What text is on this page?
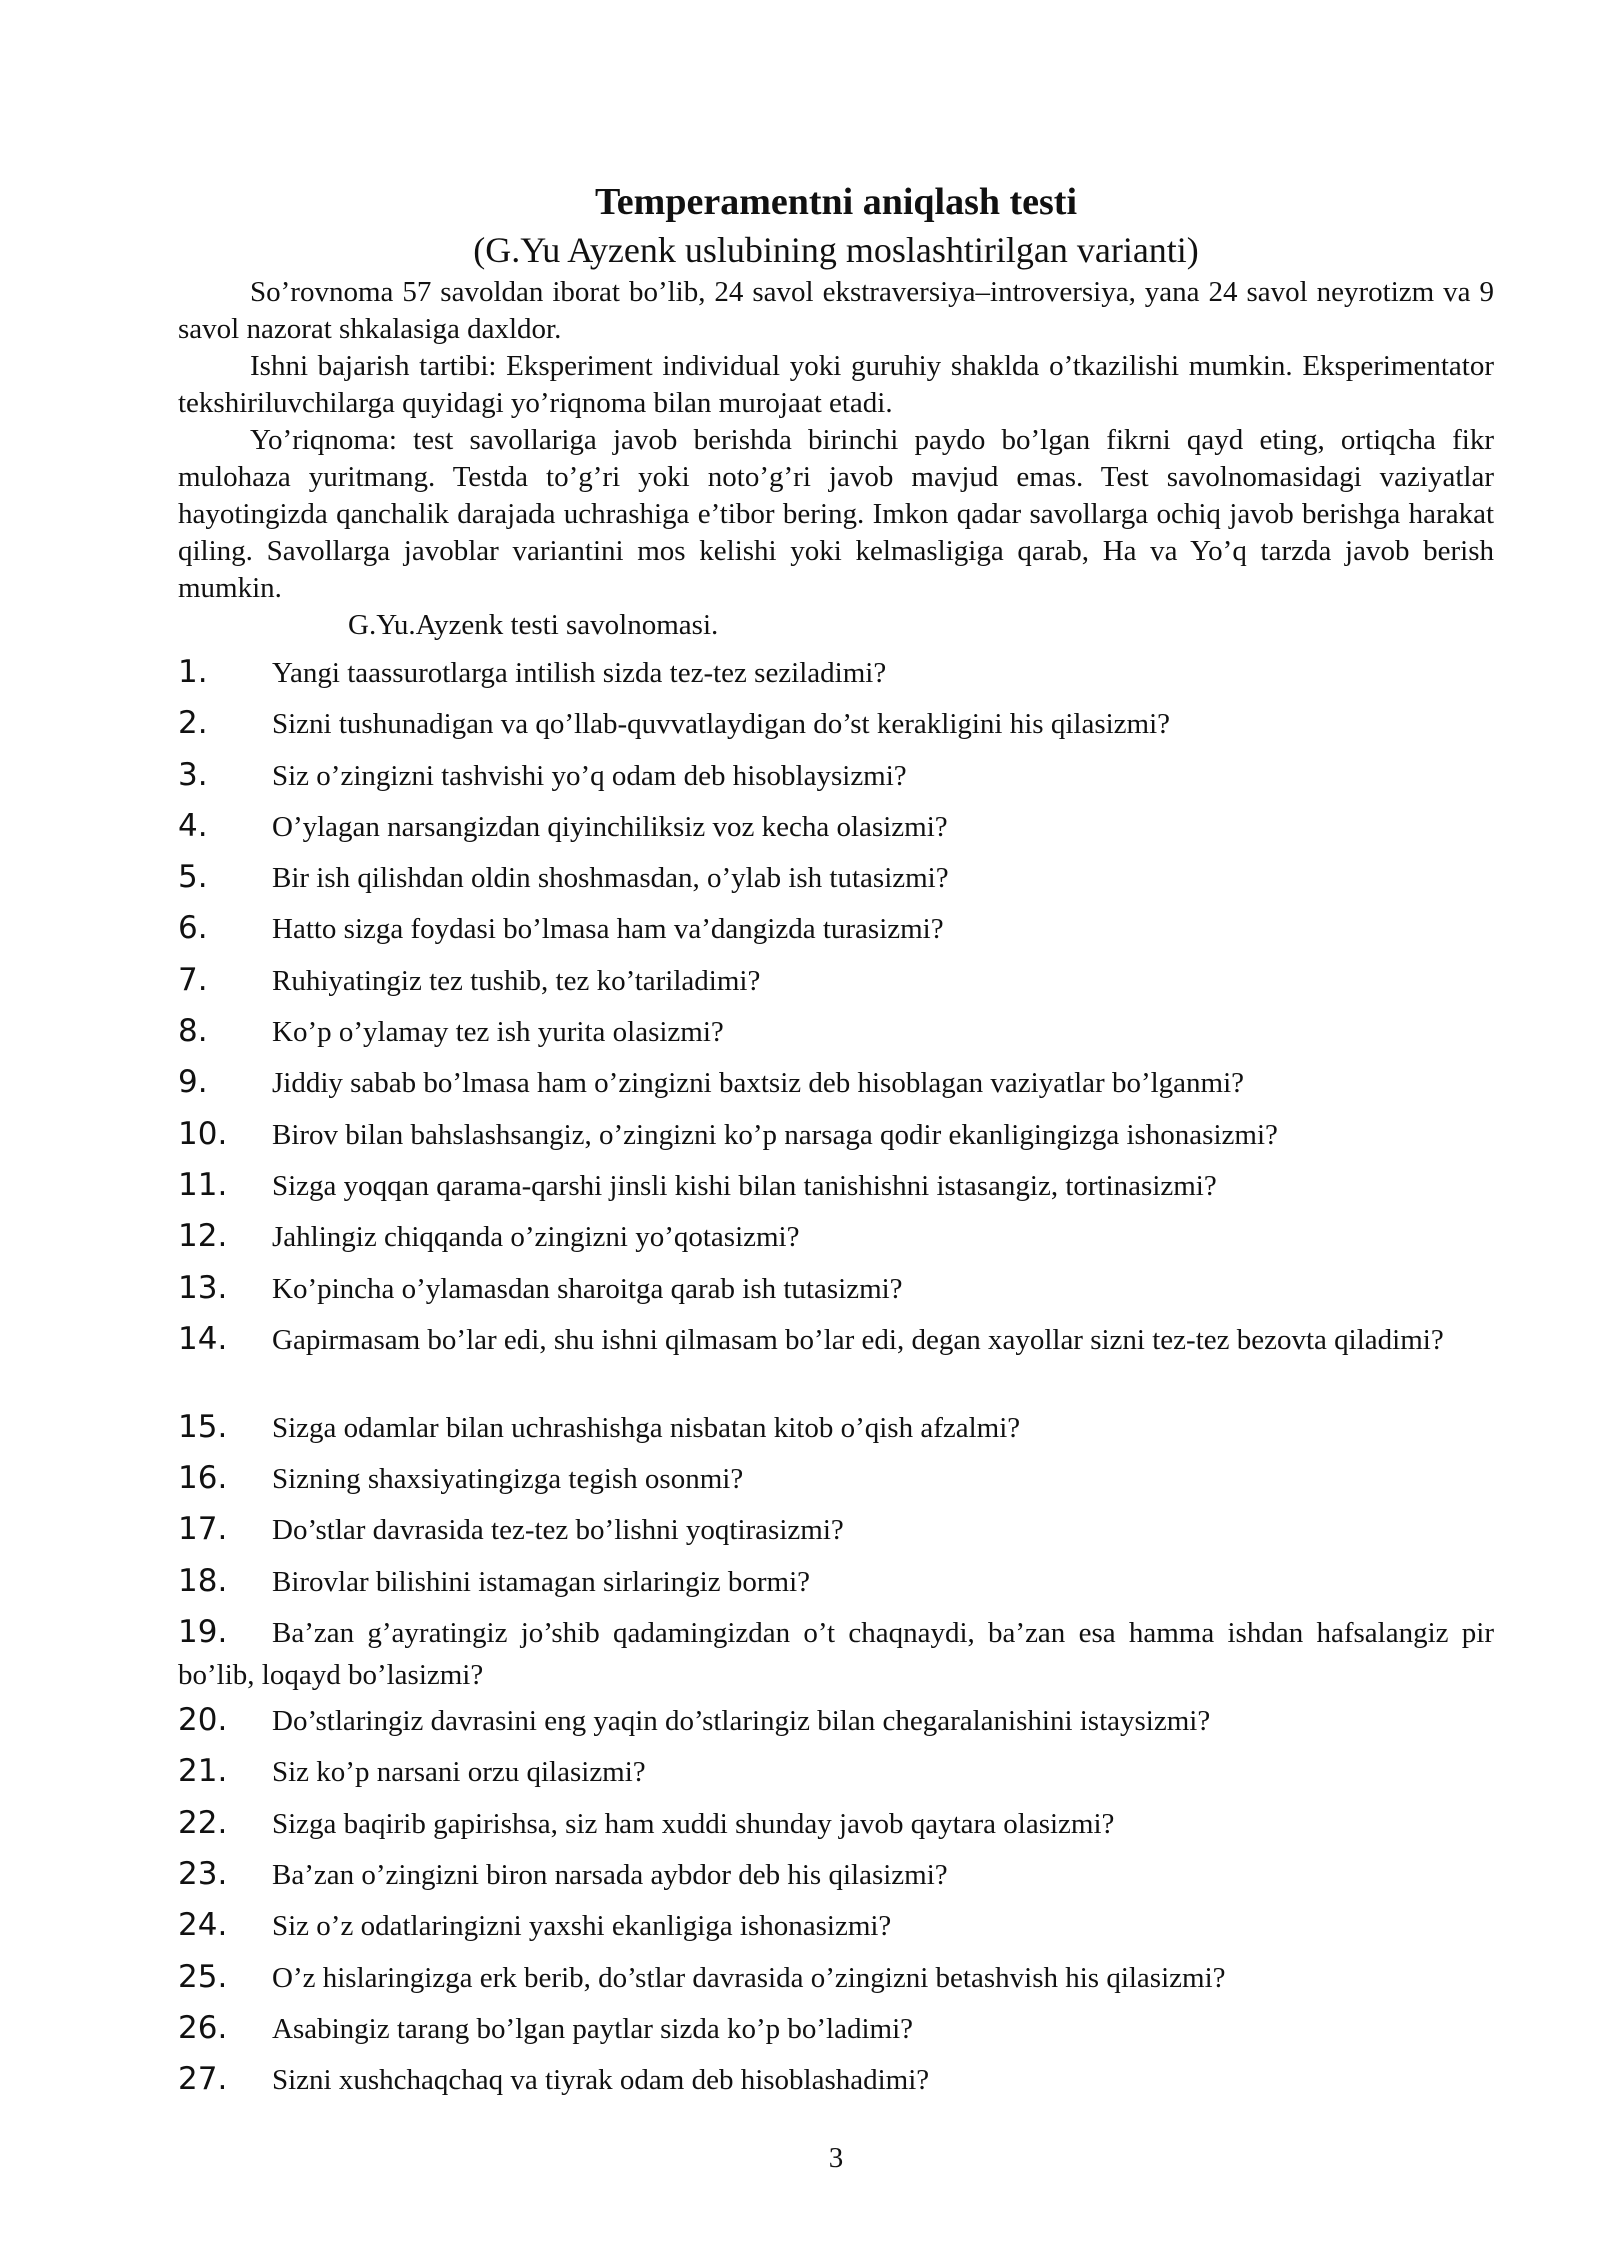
Temperamentni aniqlash testi
(G.Yu Ayzenk uslubining moslashtirilgan varianti)

So’rovnoma 57 savoldan iborat bo’lib, 24 savol ekstraversiya–introversiya, yana 24 savol neyrotizm va 9 savol nazorat shkalasiga daxldor.

Ishni bajarish tartibi: Eksperiment individual yoki guruhiy shaklda o’tkazilishi mumkin. Eksperimentator tekshiriluvchilarga quyidagi yo’riqnoma bilan murojaat etadi.

Yo’riqnoma: test savollariga javob berishda birinchi paydo bo’lgan fikrni qayd eting, ortiqcha fikr mulohaza yuritmang. Testda to’g’ri yoki noto’g’ri javob mavjud emas. Test savolnomasidagi vaziyatlar hayotingizda qanchalik darajada uchrashiga e’tibor bering. Imkon qadar savollarga ochiq javob berishga harakat qiling. Savollarga javoblar variantini mos kelishi yoki kelmasligiga qarab, Ha va Yo’q tarzda javob berish mumkin.

G.Yu.Ayzenk testi savolnomasi.

1. Yangi taassurotlarga intilish sizda tez-tez seziladimi?
2. Sizni tushunadigan va qo’llab-quvvatlaydigan do’st kerakligini his qilasizmi?
3. Siz o’zingizni tashvishi yo’q odam deb hisoblaysizmi?
4. O’ylagan narsangizdan qiyinchiliksiz voz kecha olasizmi?
5. Bir ish qilishdan oldin shoshmasdan, o’ylab ish tutasizmi?
6. Hatto sizga foydasi bo’lmasa ham va’dangizda turasizmi?
7. Ruhiyatingiz tez tushib, tez ko’tariladimi?
8. Ko’p o’ylamay tez ish yurita olasizmi?
9. Jiddiy sabab bo’lmasa ham o’zingizni baxtsiz deb hisoblagan vaziyatlar bo’lganmi?
10. Birov bilan bahslashsangiz, o’zingizni ko’p narsaga qodir ekanligingizga ishonasizmi?
11. Sizga yoqqan qarama-qarshi jinsli kishi bilan tanishishni istasangiz, tortinasizmi?
12. Jahlingiz chiqqanda o’zingizni yo’qotasizmi?
13. Ko’pincha o’ylamasdan sharoitga qarab ish tutasizmi?
14. Gapirmasam bo’lar edi, shu ishni qilmasam bo’lar edi, degan xayollar sizni tez-tez bezovta qiladimi?
15. Sizga odamlar bilan uchrashishga nisbatan kitob o’qish afzalmi?
16. Sizning shaxsiyatingizga tegish osonmi?
17. Do’stlar davrasida tez-tez bo’lishni yoqtirasizmi?
18. Birovlar bilishini istamagan sirlaringiz bormi?
19. Ba’zan g’ayratingiz jo’shib qadamingizdan o’t chaqnaydi, ba’zan esa hamma ishdan hafsalangiz pir bo’lib, loqayd bo’lasizmi?
20. Do’stlaringiz davrasini eng yaqin do’stlaringiz bilan chegaralanishini istaysizmi?
21. Siz ko’p narsani orzu qilasizmi?
22. Sizga baqirib gapirishsa, siz ham xuddi shunday javob qaytara olasizmi?
23. Ba’zan o’zingizni biron narsada aybdor deb his qilasizmi?
24. Siz o’z odatlaringizni yaxshi ekanligiga ishonasizmi?
25. O’z hislaringizga erk berib, do’stlar davrasida o’zingizni betashvish his qilasizmi?
26. Asabingiz tarang bo’lgan paytlar sizda ko’p bo’ladimi?
27. Sizni xushchaqchaq va tiyrak odam deb hisoblashadimi?
3
